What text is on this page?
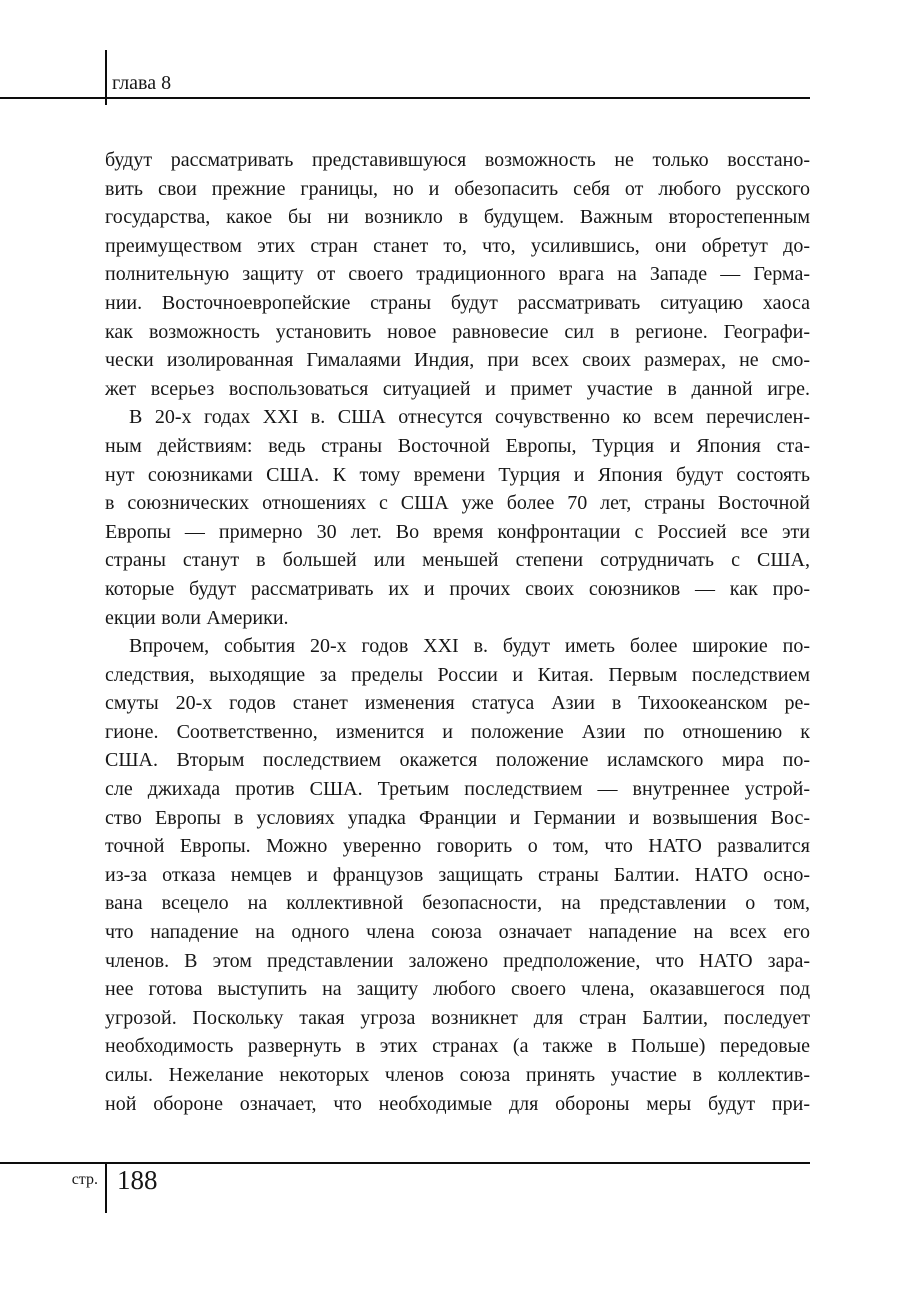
глава 8
будут рассматривать представившуюся возможность не только восстано-
вить свои прежние границы, но и обезопасить себя от любого русского
государства, какое бы ни возникло в будущем. Важным второстепенным
преимуществом этих стран станет то, что, усилившись, они обретут до-
полнительную защиту от своего традиционного врага на Западе — Герма-
нии. Восточноевропейские страны будут рассматривать ситуацию хаоса
как возможность установить новое равновесие сил в регионе. Географи-
чески изолированная Гималаями Индия, при всех своих размерах, не смо-
жет всерьез воспользоваться ситуацией и примет участие в данной игре.
В 20-х годах XXI в. США отнесутся сочувственно ко всем перечислен-
ным действиям: ведь страны Восточной Европы, Турция и Япония ста-
нут союзниками США. К тому времени Турция и Япония будут состоять
в союзнических отношениях с США уже более 70 лет, страны Восточной
Европы — примерно 30 лет. Во время конфронтации с Россией все эти
страны станут в большей или меньшей степени сотрудничать с США,
которые будут рассматривать их и прочих своих союзников — как про-
екции воли Америки.
Впрочем, события 20-х годов XXI в. будут иметь более широкие по-
следствия, выходящие за пределы России и Китая. Первым последствием
смуты 20-х годов станет изменения статуса Азии в Тихоокеанском ре-
гионе. Соответственно, изменится и положение Азии по отношению к
США. Вторым последствием окажется положение исламского мира по-
сле джихада против США. Третьим последствием — внутреннее устрой-
ство Европы в условиях упадка Франции и Германии и возвышения Вос-
точной Европы. Можно уверенно говорить о том, что НАТО развалится
из-за отказа немцев и французов защищать страны Балтии. НАТО осно-
вана всецело на коллективной безопасности, на представлении о том,
что нападение на одного члена союза означает нападение на всех его
членов. В этом представлении заложено предположение, что НАТО зара-
нее готова выступить на защиту любого своего члена, оказавшегося под
угрозой. Поскольку такая угроза возникнет для стран Балтии, последует
необходимость развернуть в этих странах (а также в Польше) передовые
силы. Нежелание некоторых членов союза принять участие в коллектив-
ной обороне означает, что необходимые для обороны меры будут при-
стр. 188
